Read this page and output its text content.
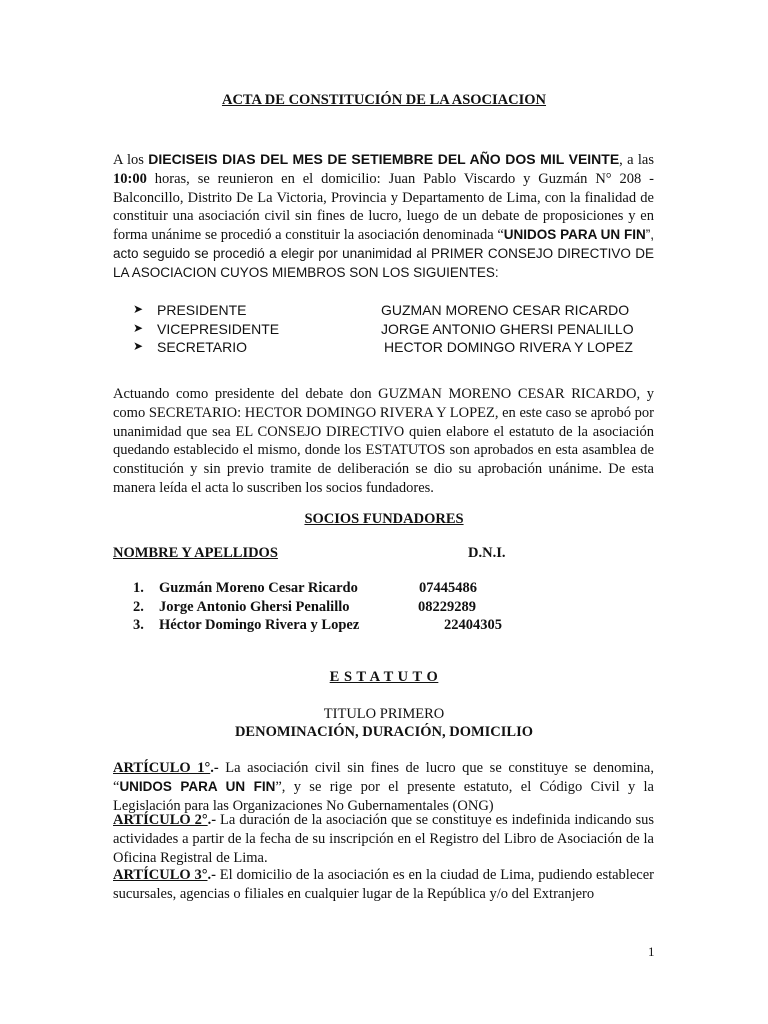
ACTA DE CONSTITUCIÓN DE LA ASOCIACION
A los DIECISEIS DIAS DEL MES DE SETIEMBRE DEL AÑO DOS MIL VEINTE, a las 10:00 horas, se reunieron en el domicilio: Juan Pablo Viscardo y Guzmán N° 208 - Balconcillo, Distrito De La Victoria, Provincia y Departamento de Lima, con la finalidad de constituir una asociación civil sin fines de lucro, luego de un debate de proposiciones y en forma unánime se procedió a constituir la asociación denominada “UNIDOS PARA UN FIN”, acto seguido se procedió a elegir por unanimidad al PRIMER CONSEJO DIRECTIVO DE LA ASOCIACION CUYOS MIEMBROS SON LOS SIGUIENTES:
➤ PRESIDENTE	GUZMAN MORENO CESAR RICARDO
➤ VICEPRESIDENTE	JORGE ANTONIO GHERSI PENALILLO
➤ SECRETARIO	HECTOR DOMINGO RIVERA Y LOPEZ
Actuando como presidente del debate don GUZMAN MORENO CESAR RICARDO, y como SECRETARIO: HECTOR DOMINGO RIVERA Y LOPEZ, en este caso se aprobó por unanimidad que sea EL CONSEJO DIRECTIVO quien elabore el estatuto de la asociación quedando establecido el mismo, donde los ESTATUTOS son aprobados en esta asamblea de constitución y sin previo tramite de deliberación se dio su aprobación unánime. De esta manera leída el acta lo suscriben los socios fundadores.
SOCIOS FUNDADORES
NOMBRE Y APELLIDOS	D.N.I.
1. Guzmán Moreno Cesar Ricardo	07445486
2. Jorge Antonio Ghersi Penalillo	08229289
3. Héctor Domingo Rivera y Lopez	22404305
E S T A T U T O
TITULO PRIMERO
DENOMINACIÓN, DURACIÓN, DOMICILIO
ARTÍCULO 1°.- La asociación civil sin fines de lucro que se constituye se denomina, “UNIDOS PARA UN FIN”, y se rige por el presente estatuto, el Código Civil y la Legislación para las Organizaciones No Gubernamentales (ONG)
ARTÍCULO 2°.- La duración de la asociación que se constituye es indefinida indicando sus actividades a partir de la fecha de su inscripción en el Registro del Libro de Asociación de la Oficina Registral de Lima.
ARTÍCULO 3°.- El domicilio de la asociación es en la ciudad de Lima, pudiendo establecer sucursales, agencias o filiales en cualquier lugar de la República y/o del Extranjero
1
